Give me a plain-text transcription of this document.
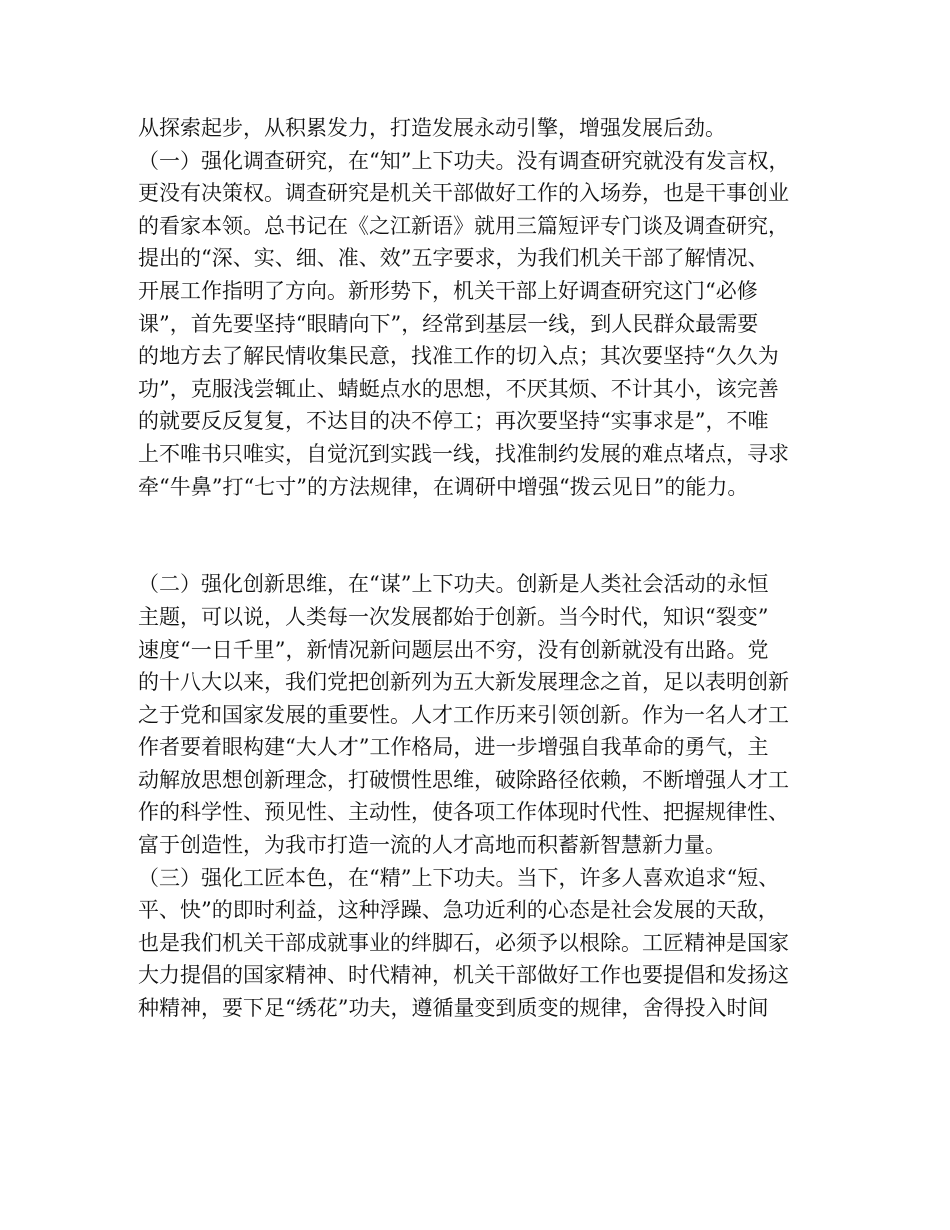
从探索起步，从积累发力，打造发展永动引擎，增强发展后劲。
（一）强化调查研究，在“知”上下功夫。没有调查研究就没有发言权，
更没有决策权。调查研究是机关干部做好工作的入场券，也是干事创业
的看家本领。总书记在《之江新语》就用三篇短评专门谈及调查研究，
提出的“深、实、细、准、效”五字要求，为我们机关干部了解情况、
开展工作指明了方向。新形势下，机关干部上好调查研究这门“必修
课”，首先要坚持“眼睛向下”，经常到基层一线，到人民群众最需要
的地方去了解民情收集民意，找准工作的切入点；其次要坚持“久久为
功”，克服浅尝辄止、蜻蜓点水的思想，不厌其烦、不计其小，该完善
的就要反反复复，不达目的决不停工；再次要坚持“实事求是”，不唯
上不唯书只唯实，自觉沉到实践一线，找准制约发展的难点堵点，寻求
牵“牛鼻”打“七寸”的方法规律，在调研中增强“拨云见日”的能力。
（二）强化创新思维，在“谋”上下功夫。创新是人类社会活动的永恒
主题，可以说，人类每一次发展都始于创新。当今时代，知识“裂变”
速度“一日千里”，新情况新问题层出不穷，没有创新就没有出路。党
的十八大以来，我们党把创新列为五大新发展理念之首，足以表明创新
之于党和国家发展的重要性。人才工作历来引领创新。作为一名人才工
作者要着眼构建“大人才”工作格局，进一步增强自我革命的勇气，主
动解放思想创新理念，打破惯性思维，破除路径依赖，不断增强人才工
作的科学性、预见性、主动性，使各项工作体现时代性、把握规律性、
富于创造性，为我市打造一流的人才高地而积蓄新智慧新力量。
（三）强化工匠本色，在“精”上下功夫。当下，许多人喜欢追求“短、
平、快”的即时利益，这种浮躁、急功近利的心态是社会发展的天敌，
也是我们机关干部成就事业的绊脚石，必须予以根除。工匠精神是国家
大力提倡的国家精神、时代精神，机关干部做好工作也要提倡和发扬这
种精神，要下足“绣花”功夫，遵循量变到质变的规律，舍得投入时间
